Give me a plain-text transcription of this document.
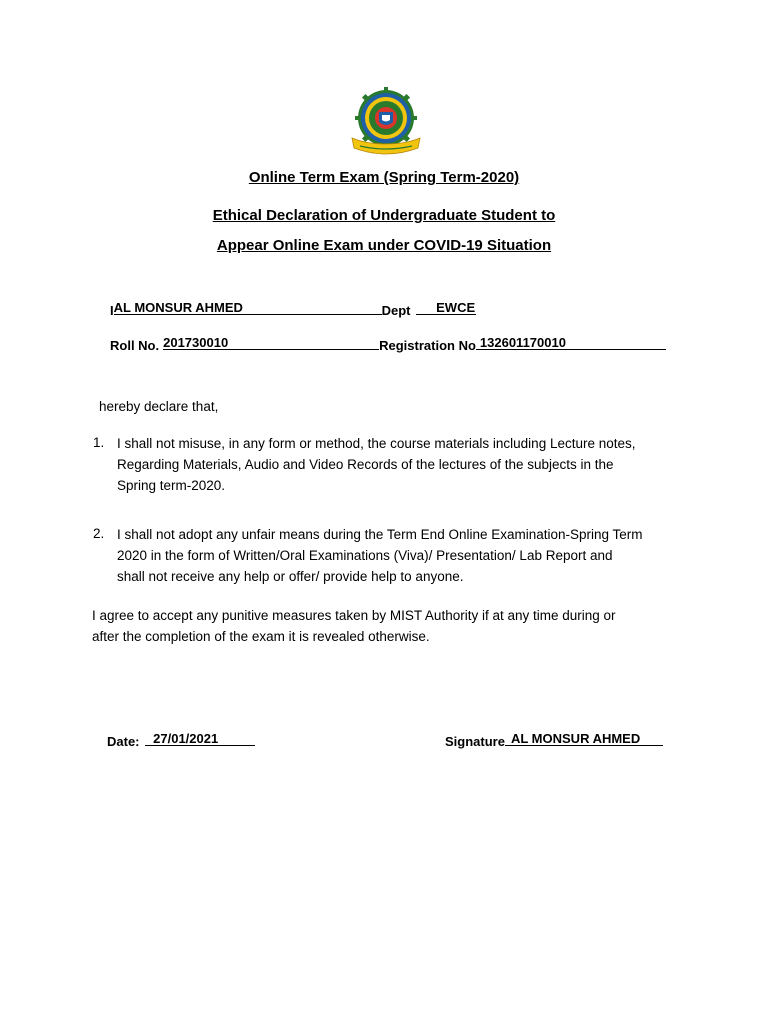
Online Term Exam (Spring Term-2020)
Ethical Declaration of Undergraduate Student to
Appear Online Exam under COVID-19 Situation
I AL MONSUR AHMED	Dept EWCE
Roll No. 201730010	Registration No 132601170010
hereby declare that,
1. I shall not misuse, in any form or method, the course materials including Lecture notes,
Regarding Materials, Audio and Video Records of the lectures of the subjects in the
Spring term-2020.
2. I shall not adopt any unfair means during the Term End Online Examination-Spring Term
2020 in the form of Written/Oral Examinations (Viva)/ Presentation/ Lab Report and
shall not receive any help or offer/ provide help to anyone.
I agree to accept any punitive measures taken by MIST Authority if at any time during or
after the completion of the exam it is revealed otherwise.
Date: 27/01/2021	Signature AL MONSUR AHMED
